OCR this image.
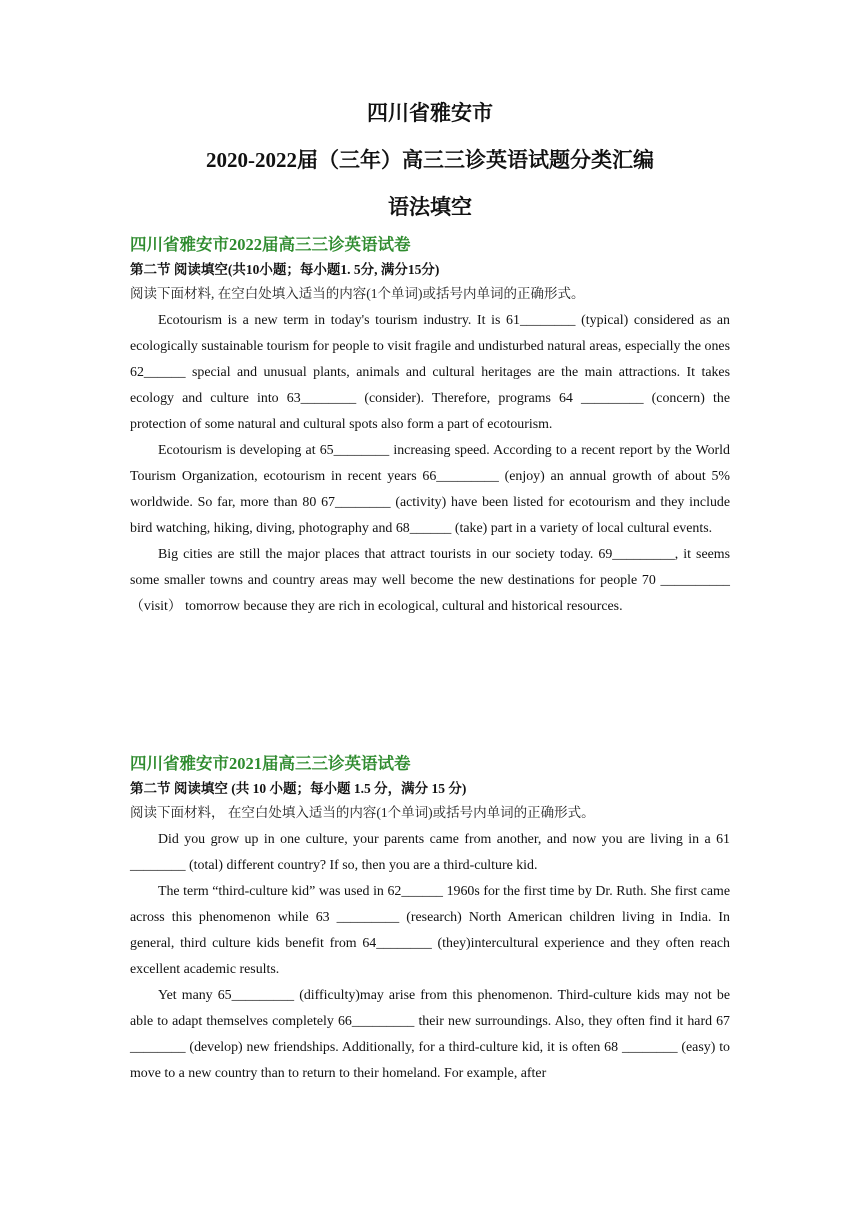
四川省雅安市
2020-2022届（三年）高三三诊英语试题分类汇编
语法填空
四川省雅安市2022届高三三诊英语试卷
第二节 阅读填空(共10小题；每小题1. 5分, 满分15分)
阅读下面材料, 在空白处填入适当的内容(1个单词)或括号内单词的正确形式。

Ecotourism is a new term in today's tourism industry. It is 61________ (typical) considered as an ecologically sustainable tourism for people to visit fragile and undisturbed natural areas, especially the ones 62______ special and unusual plants, animals and cultural heritages are the main attractions. It takes ecology and culture into 63________ (consider). Therefore, programs 64 _________ (concern) the protection of some natural and cultural spots also form a part of ecotourism.

Ecotourism is developing at 65________ increasing speed. According to a recent report by the World Tourism Organization, ecotourism in recent years 66_________ (enjoy) an annual growth of about 5% worldwide. So far, more than 80 67________ (activity) have been listed for ecotourism and they include bird watching, hiking, diving, photography and 68______ (take) part in a variety of local cultural events.

Big cities are still the major places that attract tourists in our society today. 69_________, it seems some smaller towns and country areas may well become the new destinations for people 70 __________（visit） tomorrow because they are rich in ecological, cultural and historical resources.

四川省雅安市2021届高三三诊英语试卷
第二节 阅读填空 (共 10 小题；每小题 1.5 分，满分 15 分)
阅读下面材料， 在空白处填入适当的内容(1个单词)或括号内单词的正确形式。

Did you grow up in one culture, your parents came from another, and now you are living in a 61 ________ (total) different country? If so, then you are a third-culture kid.

The term “third-culture kid” was used in 62______ 1960s for the first time by Dr. Ruth. She first came across this phenomenon while 63 _________ (research) North American children living in India. In general, third culture kids benefit from 64________ (they)intercultural experience and they often reach excellent academic results.

Yet many 65_________ (difficulty)may arise from this phenomenon. Third-culture kids may not be able to adapt themselves completely 66_________ their new surroundings. Also, they often find it hard 67 ________ (develop) new friendships. Additionally, for a third-culture kid, it is often 68 ________ (easy) to move to a new country than to return to their homeland. For example, after
